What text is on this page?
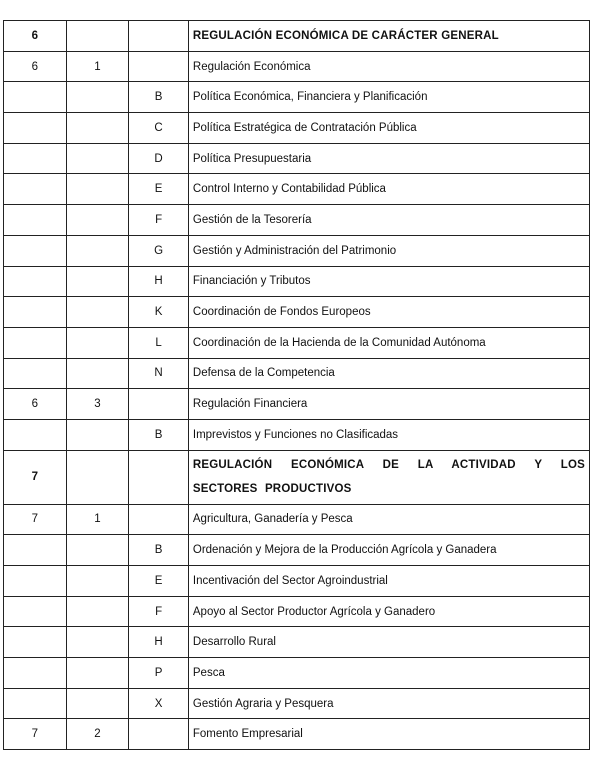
6			REGULACIÓN ECONÓMICA DE CARÁCTER GENERAL
6	1		Regulación Económica
		B	Política Económica, Financiera y Planificación
		C	Política Estratégica de Contratación Pública
		D	Política Presupuestaria
		E	Control Interno y Contabilidad Pública
		F	Gestión de la Tesorería
		G	Gestión y Administración del Patrimonio
		H	Financiación y Tributos
		K	Coordinación de Fondos Europeos
		L	Coordinación de la Hacienda de la Comunidad Autónoma
		N	Defensa de la Competencia
6	3		Regulación Financiera
		B	Imprevistos y Funciones no Clasificadas
7			REGULACIÓN ECONÓMICA DE LA ACTIVIDAD Y LOS SECTORES PRODUCTIVOS
7	1		Agricultura, Ganadería y Pesca
		B	Ordenación y Mejora de la Producción Agrícola y Ganadera
		E	Incentivación del Sector Agroindustrial
		F	Apoyo al Sector Productor Agrícola y Ganadero
		H	Desarrollo Rural
		P	Pesca
		X	Gestión Agraria y Pesquera
7	2		Fomento Empresarial
